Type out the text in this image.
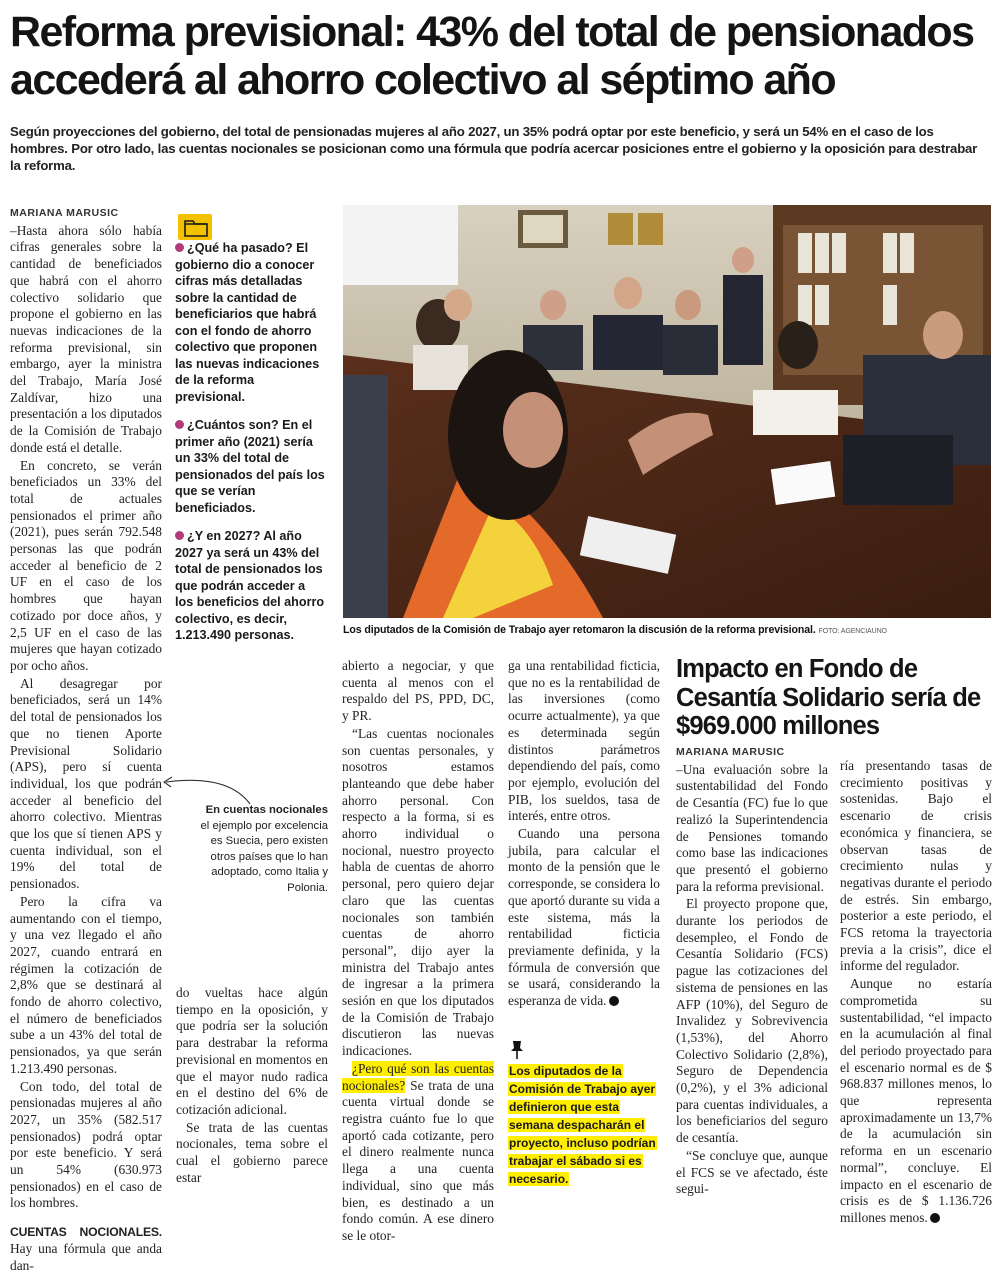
Reforma previsional: 43% del total de pensionados accederá al ahorro colectivo al séptimo año

Según proyecciones del gobierno, del total de pensionadas mujeres al año 2027, un 35% podrá optar por este beneficio, y será un 54% en el caso de los hombres. Por otro lado, las cuentas nocionales se posicionan como una fórmula que podría acercar posiciones entre el gobierno y la oposición para destrabar la reforma.

MARIANA MARUSIC

–Hasta ahora sólo había cifras generales sobre la cantidad de beneficiados que habrá con el ahorro colectivo solidario que propone el gobierno en las nuevas indicaciones de la reforma previsional, sin embargo, ayer la ministra del Trabajo, María José Zaldívar, hizo una presentación a los diputados de la Comisión de Trabajo donde está el detalle.

En concreto, se verán beneficiados un 33% del total de actuales pensionados el primer año (2021), pues serán 792.548 personas las que podrán acceder al beneficio de 2 UF en el caso de los hombres que hayan cotizado por doce años, y 2,5 UF en el caso de las mujeres que hayan cotizado por ocho años.

Al desagregar por beneficiados, será un 14% del total de pensionados los que no tienen Aporte Previsional Solidario (APS), pero sí cuenta individual, los que podrán acceder al beneficio del ahorro colectivo. Mientras que los que sí tienen APS y cuenta individual, son el 19% del total de pensionados.

Pero la cifra va aumentando con el tiempo, y una vez llegado el año 2027, cuando entrará en régimen la cotización de 2,8% que se destinará al fondo de ahorro colectivo, el número de beneficiados sube a un 43% del total de pensionados, ya que serán 1.213.490 personas.

Con todo, del total de pensionadas mujeres al año 2027, un 35% (582.517 pensionados) podrá optar por este beneficio. Y será un 54% (630.973 pensionados) en el caso de los hombres.

CUENTAS NOCIONALES. Hay una fórmula que anda dan-

¿Qué ha pasado? El gobierno dio a conocer cifras más detalladas sobre la cantidad de beneficiarios que habrá con el fondo de ahorro colectivo que proponen las nuevas indicaciones de la reforma previsional.
¿Cuántos son? En el primer año (2021) sería un 33% del total de pensionados del país los que se verían beneficiados.
¿Y en 2027? Al año 2027 ya será un 43% del total de pensionados los que podrán acceder a los beneficios del ahorro colectivo, es decir, 1.213.490 personas.	Los diputados de la Comisión de Trabajo ayer retomaron la discusión de la reforma previsional. FOTO: AGENCIAUNO
En cuentas nocionales
el ejemplo por excelencia es Suecia, pero existen otros países que lo han adoptado, como Italia y Polonia.

do vueltas hace algún tiempo en la oposición, y que podría ser la solución para destrabar la reforma previsional en momentos en que el mayor nudo radica en el destino del 6% de cotización adicional.

Se trata de las cuentas nocionales, tema sobre el cual el gobierno parece estar

abierto a negociar, y que cuenta al menos con el respaldo del PS, PPD, DC, y PR.

“Las cuentas nocionales son cuentas personales, y nosotros estamos planteando que debe haber ahorro personal. Con respecto a la forma, si es ahorro individual o nocional, nuestro proyecto habla de cuentas de ahorro personal, pero quiero dejar claro que las cuentas nocionales son también cuentas de ahorro personal”, dijo ayer la ministra del Trabajo antes de ingresar a la primera sesión en que los diputados de la Comisión de Trabajo discutieron las nuevas indicaciones.

¿Pero qué son las cuentas nocionales? Se trata de una cuenta virtual donde se registra cuánto fue lo que aportó cada cotizante, pero el dinero realmente nunca llega a una cuenta individual, sino que más bien, es destinado a un fondo común. A ese dinero se le otor-

ga una rentabilidad ficticia, que no es la rentabilidad de las inversiones (como ocurre actualmente), ya que es determinada según distintos parámetros dependiendo del país, como por ejemplo, evolución del PIB, los sueldos, tasa de interés, entre otros.

Cuando una persona jubila, para calcular el monto de la pensión que le corresponde, se considera lo que aportó durante su vida a este sistema, más la rentabilidad ficticia previamente definida, y la fórmula de conversión que se usará, considerando la esperanza de vida.

Los diputados de la Comisión de Trabajo ayer definieron que esta semana despacharán el proyecto, incluso podrían trabajar el sábado si es necesario.
Impacto en Fondo de Cesantía Solidario sería de $969.000 millones
MARIANA MARUSIC

–Una evaluación sobre la sustentabilidad del Fondo de Cesantía (FC) fue lo que realizó la Superintendencia de Pensiones tomando como base las indicaciones que presentó el gobierno para la reforma previsional.

El proyecto propone que, durante los periodos de desempleo, el Fondo de Cesantía Solidario (FCS) pague las cotizaciones del sistema de pensiones en las AFP (10%), del Seguro de Invalidez y Sobrevivencia (1,53%), del Ahorro Colectivo Solidario (2,8%), Seguro de Dependencia (0,2%), y el 3% adicional para cuentas individuales, a los beneficiarios del seguro de cesantía.

“Se concluye que, aunque el FCS se ve afectado, éste segui-

ría presentando tasas de crecimiento positivas y sostenidas. Bajo el escenario de crisis económica y financiera, se observan tasas de crecimiento nulas y negativas durante el periodo de estrés. Sin embargo, posterior a este periodo, el FCS retoma la trayectoria previa a la crisis”, dice el informe del regulador.

Aunque no estaría comprometida su sustentabilidad, “el impacto en la acumulación al final del periodo proyectado para el escenario normal es de $ 968.837 millones menos, lo que representa aproximadamente un 13,7% de la acumulación sin reforma en un escenario normal”, concluye. El impacto en el escenario de crisis es de $ 1.136.726 millones menos.
